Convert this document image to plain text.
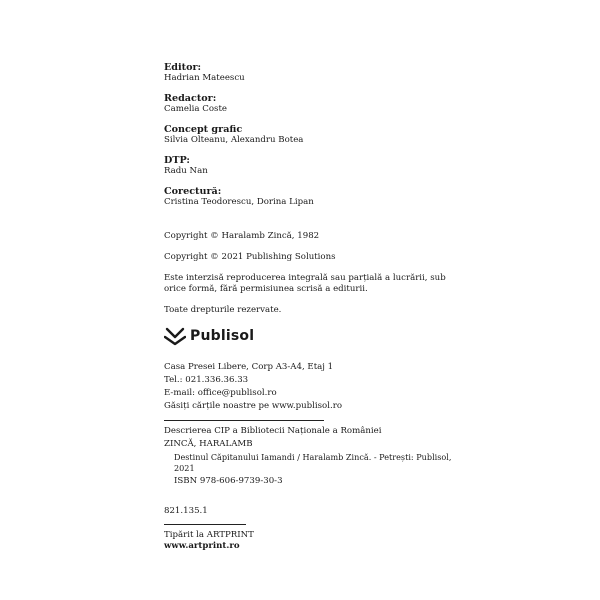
Editor:
Hadrian Mateescu
Redactor:
Camelia Coste
Concept grafic
Silvia Olteanu, Alexandru Botea
DTP:
Radu Nan
Corectură:
Cristina Teodorescu, Dorina Lipan

Copyright © Haralamb Zincă, 1982

Copyright © 2021 Publishing Solutions

Este interzisă reproducerea integrală sau parțială a lucrării, sub

orice formă, fără permisiunea scrisă a editurii.

Toate drepturile rezervate.

Publisol

Casa Presei Libere, Corp A3-A4, Etaj 1

Tel.: 021.336.36.33

E-mail: office@publisol.ro

Găsiți cărțile noastre pe www.publisol.ro

Descrierea CIP a Bibliotecii Naționale a României

ZINCĂ, HARALAMB

Destinul Căpitanului Iamandi / Haralamb Zincă. - Petrești: Publisol, 2021

ISBN 978-606-9739-30-3

821.135.1

Tipărit la ARTPRINT

www.artprint.ro
